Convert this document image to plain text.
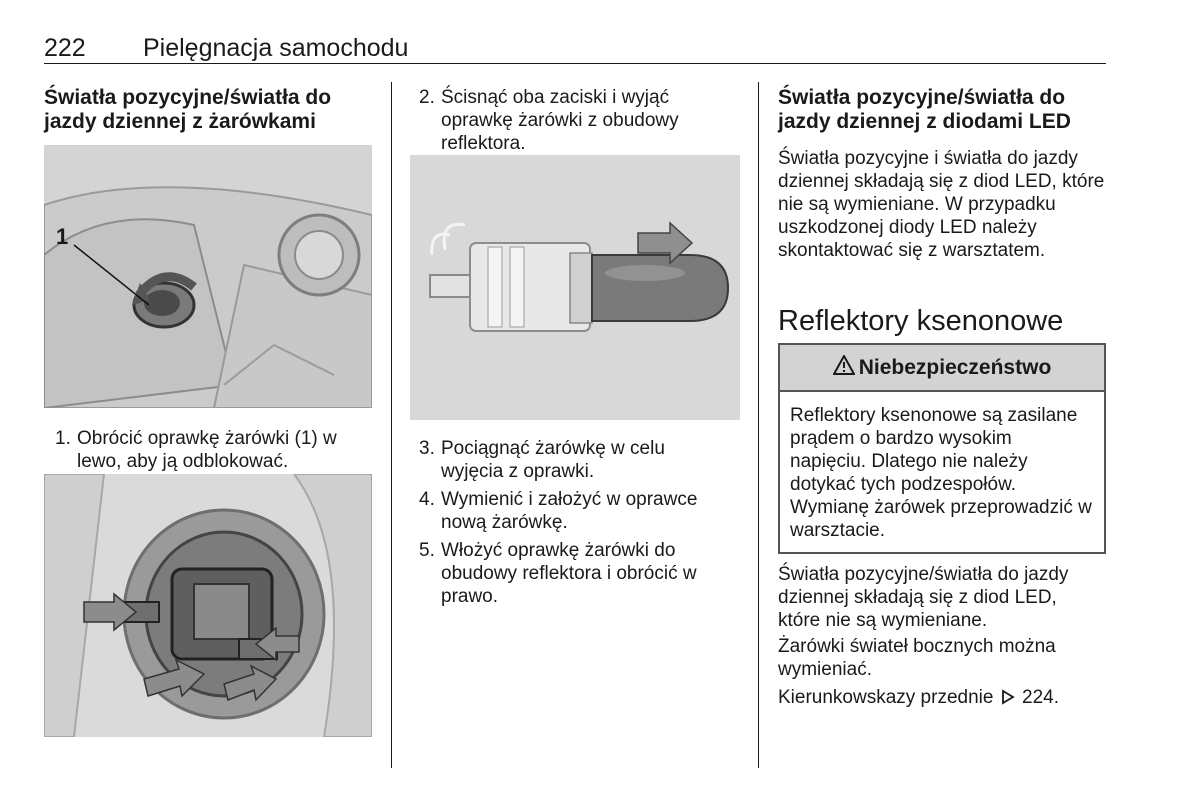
222 Pielęgnacja samochodu
Światła pozycyjne/światła do jazdy dziennej z żarówkami
1
1. Obrócić oprawkę żarówki (1) w lewo, aby ją odblokować.
2. Ścisnąć oba zaciski i wyjąć oprawkę żarówki z obudowy reflektora.
3. Pociągnąć żarówkę w celu wyjęcia z oprawki.
4. Wymienić i założyć w oprawce nową żarówkę.
5. Włożyć oprawkę żarówki do obudowy reflektora i obrócić w prawo.
Światła pozycyjne/światła do jazdy dziennej z diodami LED

Światła pozycyjne i światła do jazdy dziennej składają się z diod LED, które nie są wymieniane. W przypadku uszkodzonej diody LED należy skontaktować się z warsztatem.

Reflektory ksenonowe
Niebezpieczeństwo
Reflektory ksenonowe są zasilane prądem o bardzo wysokim napięciu. Dlatego nie należy dotykać tych podzespołów. Wymianę żarówek przeprowadzić w warsztacie.

Światła pozycyjne/światła do jazdy dziennej składają się z diod LED, które nie są wymieniane.

Żarówki świateł bocznych można wymieniać.

Kierunkowskazy przednie 224.
